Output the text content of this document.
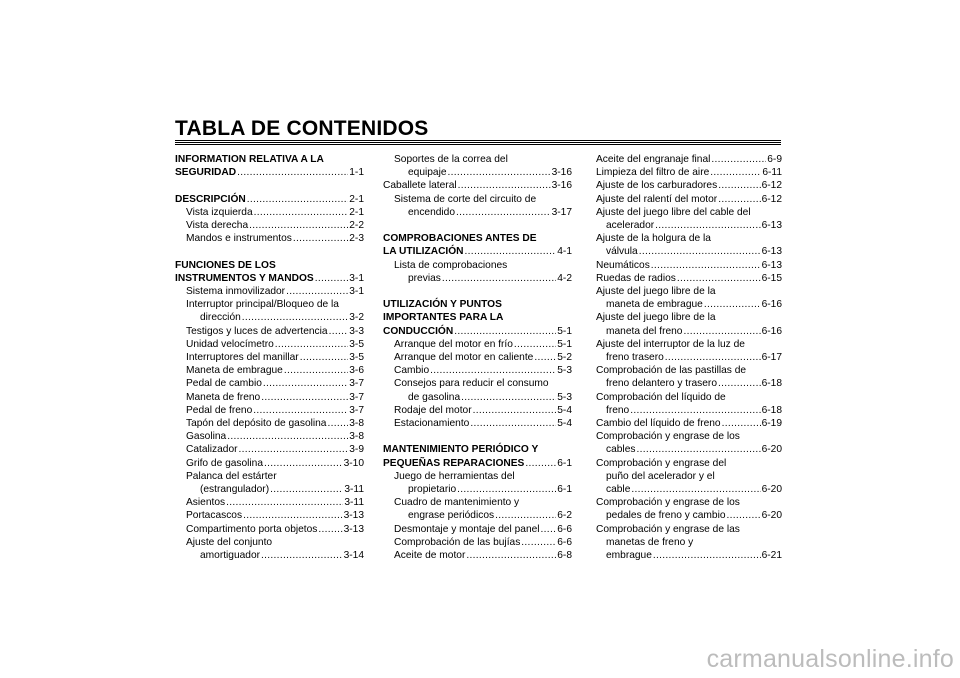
TABLA DE CONTENIDOS
INFORMATION RELATIVA A LA
SEGURIDAD .....	1-1
DESCRIPCIÓN .....	2-1
Vista izquierda .....	2-1
Vista derecha .....	2-2
Mandos e instrumentos .....	2-3
FUNCIONES DE LOS
INSTRUMENTOS Y MANDOS .....	3-1
Sistema inmovilizador .....	3-1
Interruptor principal/Bloqueo de la
dirección .....	3-2
Testigos y luces de advertencia ..... 3-3
Unidad velocímetro .....	3-5
Interruptores del manillar .....	3-5
Maneta de embrague .....	3-6
Pedal de cambio .....	3-7
Maneta de freno .....	3-7
Pedal de freno .....	3-7
Tapón del depósito de gasolina ..... 3-8
Gasolina .....	3-8
Catalizador .....	3-9
Grifo de gasolina .....	3-10
Palanca del estárter
(estrangulador) .....	3-11
Asientos .....	3-11
Portacascos .....	3-13
Compartimento porta objetos .....	3-13
Ajuste del conjunto
amortiguador .....	3-14
Soportes de la correa del
equipaje .....	3-16
Caballete lateral .....	3-16
Sistema de corte del circuito de
encendido .....	3-17
COMPROBACIONES ANTES DE
LA UTILIZACIÓN .....	4-1
Lista de comprobaciones
previas .....	4-2
UTILIZACIÓN Y PUNTOS
IMPORTANTES PARA LA
CONDUCCIÓN .....	5-1
Arranque del motor en frío .....	5-1
Arranque del motor en caliente ..... 5-2
Cambio .....	5-3
Consejos para reducir el consumo
de gasolina .....	5-3
Rodaje del motor .....	5-4
Estacionamiento .....	5-4
MANTENIMIENTO PERIÓDICO Y
PEQUEÑAS REPARACIONES .....	6-1
Juego de herramientas del
propietario .....	6-1
Cuadro de mantenimiento y
engrase periódicos .....	6-2
Desmontaje y montaje del panel ..... 6-6
Comprobación de las bujías .....	6-6
Aceite de motor .....	6-8
Aceite del engranaje final .....	6-9
Limpieza del filtro de aire .....	6-11
Ajuste de los carburadores .....	6-12
Ajuste del ralentí del motor .....	6-12
Ajuste del juego libre del cable del
acelerador .....	6-13
Ajuste de la holgura de la
válvula .....	6-13
Neumáticos .....	6-13
Ruedas de radios .....	6-15
Ajuste del juego libre de la
maneta de embrague .....	6-16
Ajuste del juego libre de la
maneta del freno .....	6-16
Ajuste del interruptor de la luz de
freno trasero .....	6-17
Comprobación de las pastillas de
freno delantero y trasero .....	6-18
Comprobación del líquido de
freno .....	6-18
Cambio del líquido de freno .....	6-19
Comprobación y engrase de los
cables .....	6-20
Comprobación y engrase del
puño del acelerador y el
cable .....	6-20
Comprobación y engrase de los
pedales de freno y cambio .....	6-20
Comprobación y engrase de las
manetas de freno y
embrague .....	6-21
carmanualsonline.info
